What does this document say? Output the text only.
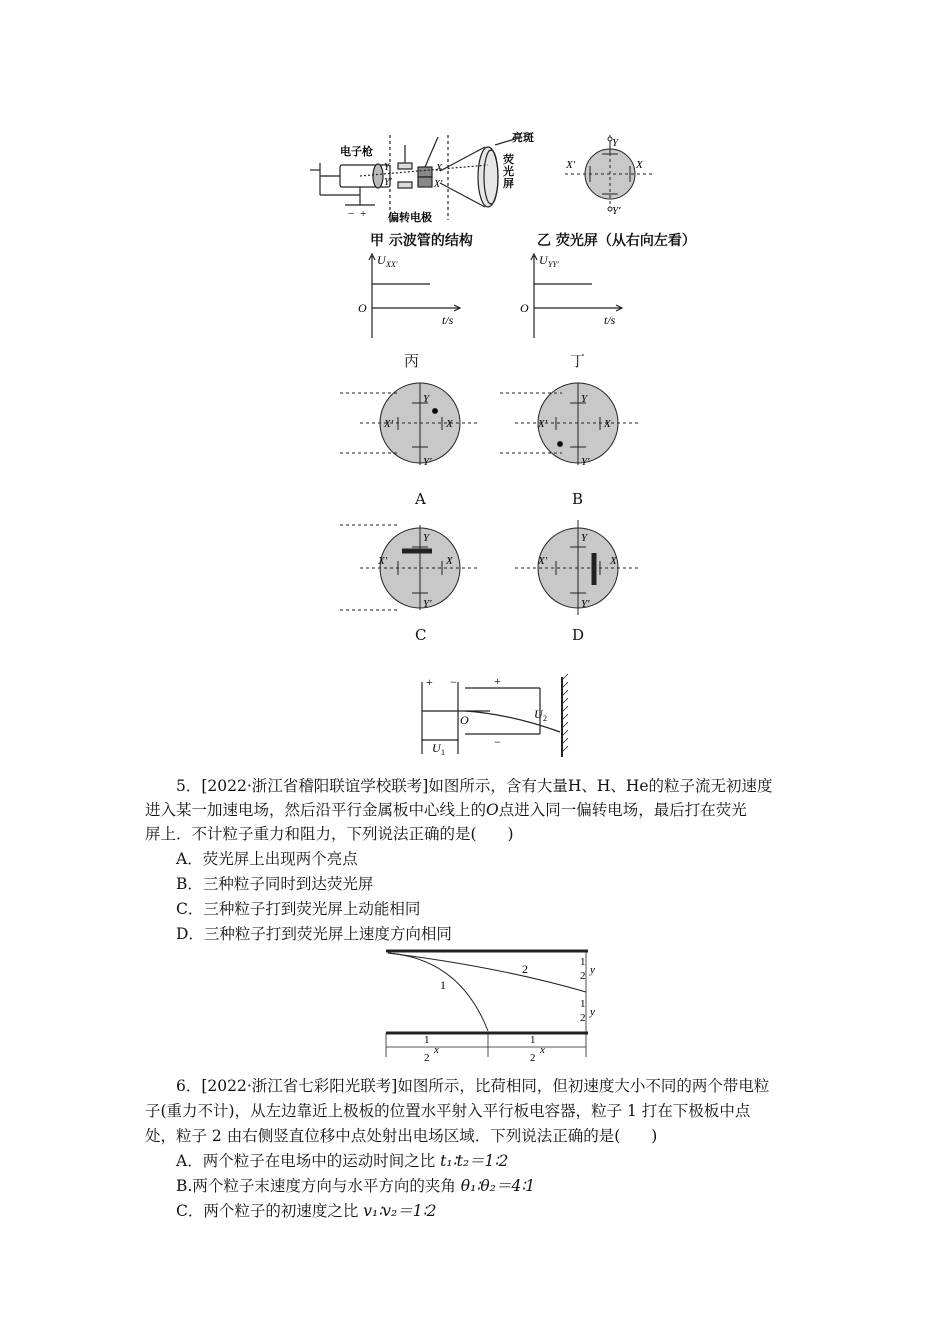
电子枪
亮斑
荧
光
屏
偏转电极
Y
Y′
X
X′
− +
Y
Y′
X
X′
甲 示波管的结构	乙 荧光屏（从右向左看）
U XX′
O
t/s
U YY′
O
t/s
丙	丁
Y
Y′
X
X′
Y
Y′
X
X′
Y
Y′
X
X′
Y
Y′
X
X′
A	B
C	D
+ −	+
−
O
U 1
U 2
5．[2022·浙江省稽阳联谊学校联考]如图所示，含有大量H、H、He的粒子流无初速度
进入某一加速电场，然后沿平行金属板中心线上的O点进入同一偏转电场，最后打在荧光
屏上．不计粒子重力和阻力，下列说法正确的是(　　)
A．荧光屏上出现两个亮点
B．三种粒子同时到达荧光屏
C．三种粒子打到荧光屏上动能相同
D．三种粒子打到荧光屏上速度方向相同
1
2	1
2 y
1
2 y
1
2
x
1
2
x
6．[2022·浙江省七彩阳光联考]如图所示，比荷相同，但初速度大小不同的两个带电粒
子(重力不计)，从左边靠近上极板的位置水平射入平行板电容器，粒子 1 打在下极板中点
处，粒子 2 由右侧竖直位移中点处射出电场区域．下列说法正确的是(　　)
A．两个粒子在电场中的运动时间之比 t₁∶t₂＝1∶2
B.两个粒子末速度方向与水平方向的夹角 θ₁∶θ₂＝4∶1
C．两个粒子的初速度之比 v₁∶v₂＝1∶2
